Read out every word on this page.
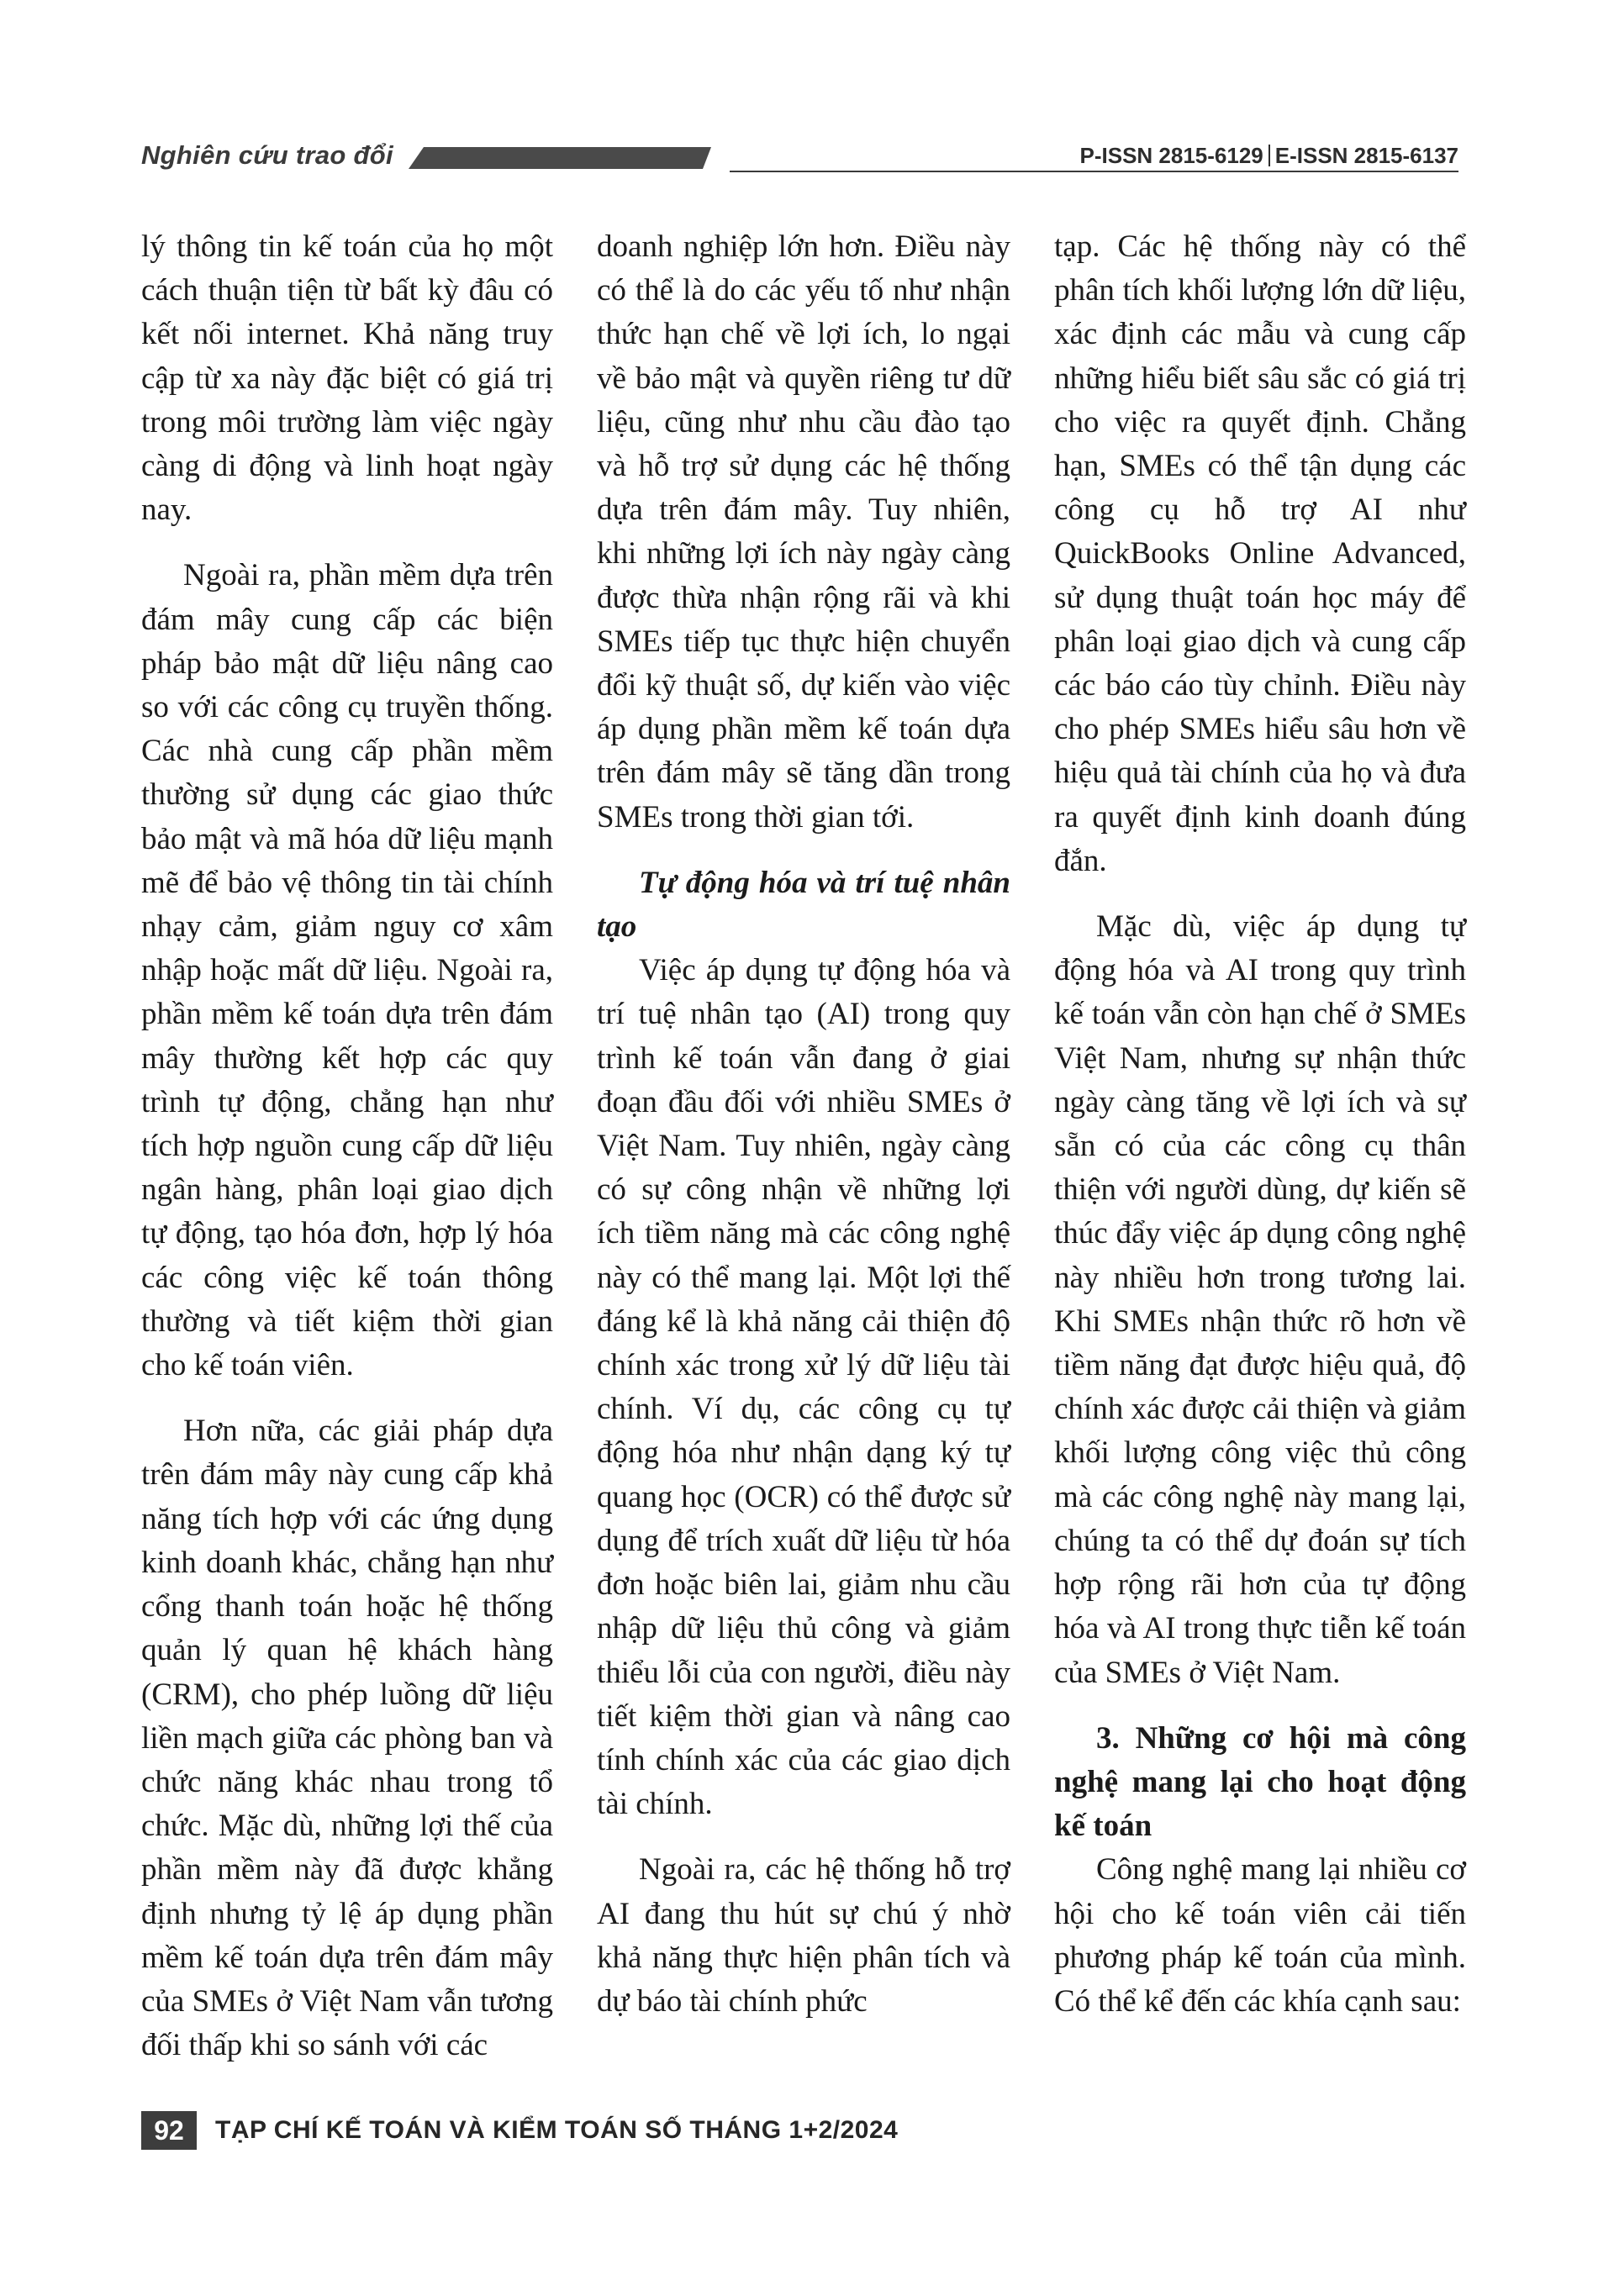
Nghiên cứu trao đổi	P-ISSN 2815-6129 E-ISSN 2815-6137

lý thông tin kế toán của họ một cách thuận tiện từ bất kỳ đâu có kết nối internet. Khả năng truy cập từ xa này đặc biệt có giá trị trong môi trường làm việc ngày càng di động và linh hoạt ngày nay.

Ngoài ra, phần mềm dựa trên đám mây cung cấp các biện pháp bảo mật dữ liệu nâng cao so với các công cụ truyền thống. Các nhà cung cấp phần mềm thường sử dụng các giao thức bảo mật và mã hóa dữ liệu mạnh mẽ để bảo vệ thông tin tài chính nhạy cảm, giảm nguy cơ xâm nhập hoặc mất dữ liệu. Ngoài ra, phần mềm kế toán dựa trên đám mây thường kết hợp các quy trình tự động, chẳng hạn như tích hợp nguồn cung cấp dữ liệu ngân hàng, phân loại giao dịch tự động, tạo hóa đơn, hợp lý hóa các công việc kế toán thông thường và tiết kiệm thời gian cho kế toán viên.

Hơn nữa, các giải pháp dựa trên đám mây này cung cấp khả năng tích hợp với các ứng dụng kinh doanh khác, chẳng hạn như cổng thanh toán hoặc hệ thống quản lý quan hệ khách hàng (CRM), cho phép luồng dữ liệu liền mạch giữa các phòng ban và chức năng khác nhau trong tổ chức. Mặc dù, những lợi thế của phần mềm này đã được khẳng định nhưng tỷ lệ áp dụng phần mềm kế toán dựa trên đám mây của SMEs ở Việt Nam vẫn tương đối thấp khi so sánh với các

doanh nghiệp lớn hơn. Điều này có thể là do các yếu tố như nhận thức hạn chế về lợi ích, lo ngại về bảo mật và quyền riêng tư dữ liệu, cũng như nhu cầu đào tạo và hỗ trợ sử dụng các hệ thống dựa trên đám mây. Tuy nhiên, khi những lợi ích này ngày càng được thừa nhận rộng rãi và khi SMEs tiếp tục thực hiện chuyển đổi kỹ thuật số, dự kiến vào việc áp dụng phần mềm kế toán dựa trên đám mây sẽ tăng dần trong SMEs trong thời gian tới.

Tự động hóa và trí tuệ nhân tạo

Việc áp dụng tự động hóa và trí tuệ nhân tạo (AI) trong quy trình kế toán vẫn đang ở giai đoạn đầu đối với nhiều SMEs ở Việt Nam. Tuy nhiên, ngày càng có sự công nhận về những lợi ích tiềm năng mà các công nghệ này có thể mang lại. Một lợi thế đáng kể là khả năng cải thiện độ chính xác trong xử lý dữ liệu tài chính. Ví dụ, các công cụ tự động hóa như nhận dạng ký tự quang học (OCR) có thể được sử dụng để trích xuất dữ liệu từ hóa đơn hoặc biên lai, giảm nhu cầu nhập dữ liệu thủ công và giảm thiểu lỗi của con người, điều này tiết kiệm thời gian và nâng cao tính chính xác của các giao dịch tài chính.

Ngoài ra, các hệ thống hỗ trợ AI đang thu hút sự chú ý nhờ khả năng thực hiện phân tích và dự báo tài chính phức

tạp. Các hệ thống này có thể phân tích khối lượng lớn dữ liệu, xác định các mẫu và cung cấp những hiểu biết sâu sắc có giá trị cho việc ra quyết định. Chẳng hạn, SMEs có thể tận dụng các công cụ hỗ trợ AI như QuickBooks Online Advanced, sử dụng thuật toán học máy để phân loại giao dịch và cung cấp các báo cáo tùy chỉnh. Điều này cho phép SMEs hiểu sâu hơn về hiệu quả tài chính của họ và đưa ra quyết định kinh doanh đúng đắn.

Mặc dù, việc áp dụng tự động hóa và AI trong quy trình kế toán vẫn còn hạn chế ở SMEs Việt Nam, nhưng sự nhận thức ngày càng tăng về lợi ích và sự sẵn có của các công cụ thân thiện với người dùng, dự kiến sẽ thúc đẩy việc áp dụng công nghệ này nhiều hơn trong tương lai. Khi SMEs nhận thức rõ hơn về tiềm năng đạt được hiệu quả, độ chính xác được cải thiện và giảm khối lượng công việc thủ công mà các công nghệ này mang lại, chúng ta có thể dự đoán sự tích hợp rộng rãi hơn của tự động hóa và AI trong thực tiễn kế toán của SMEs ở Việt Nam.

3. Những cơ hội mà công nghệ mang lại cho hoạt động kế toán

Công nghệ mang lại nhiều cơ hội cho kế toán viên cải tiến phương pháp kế toán của mình. Có thể kể đến các khía cạnh sau:

92	TẠP CHÍ KẾ TOÁN VÀ KIỂM TOÁN SỐ THÁNG 1+2/2024
